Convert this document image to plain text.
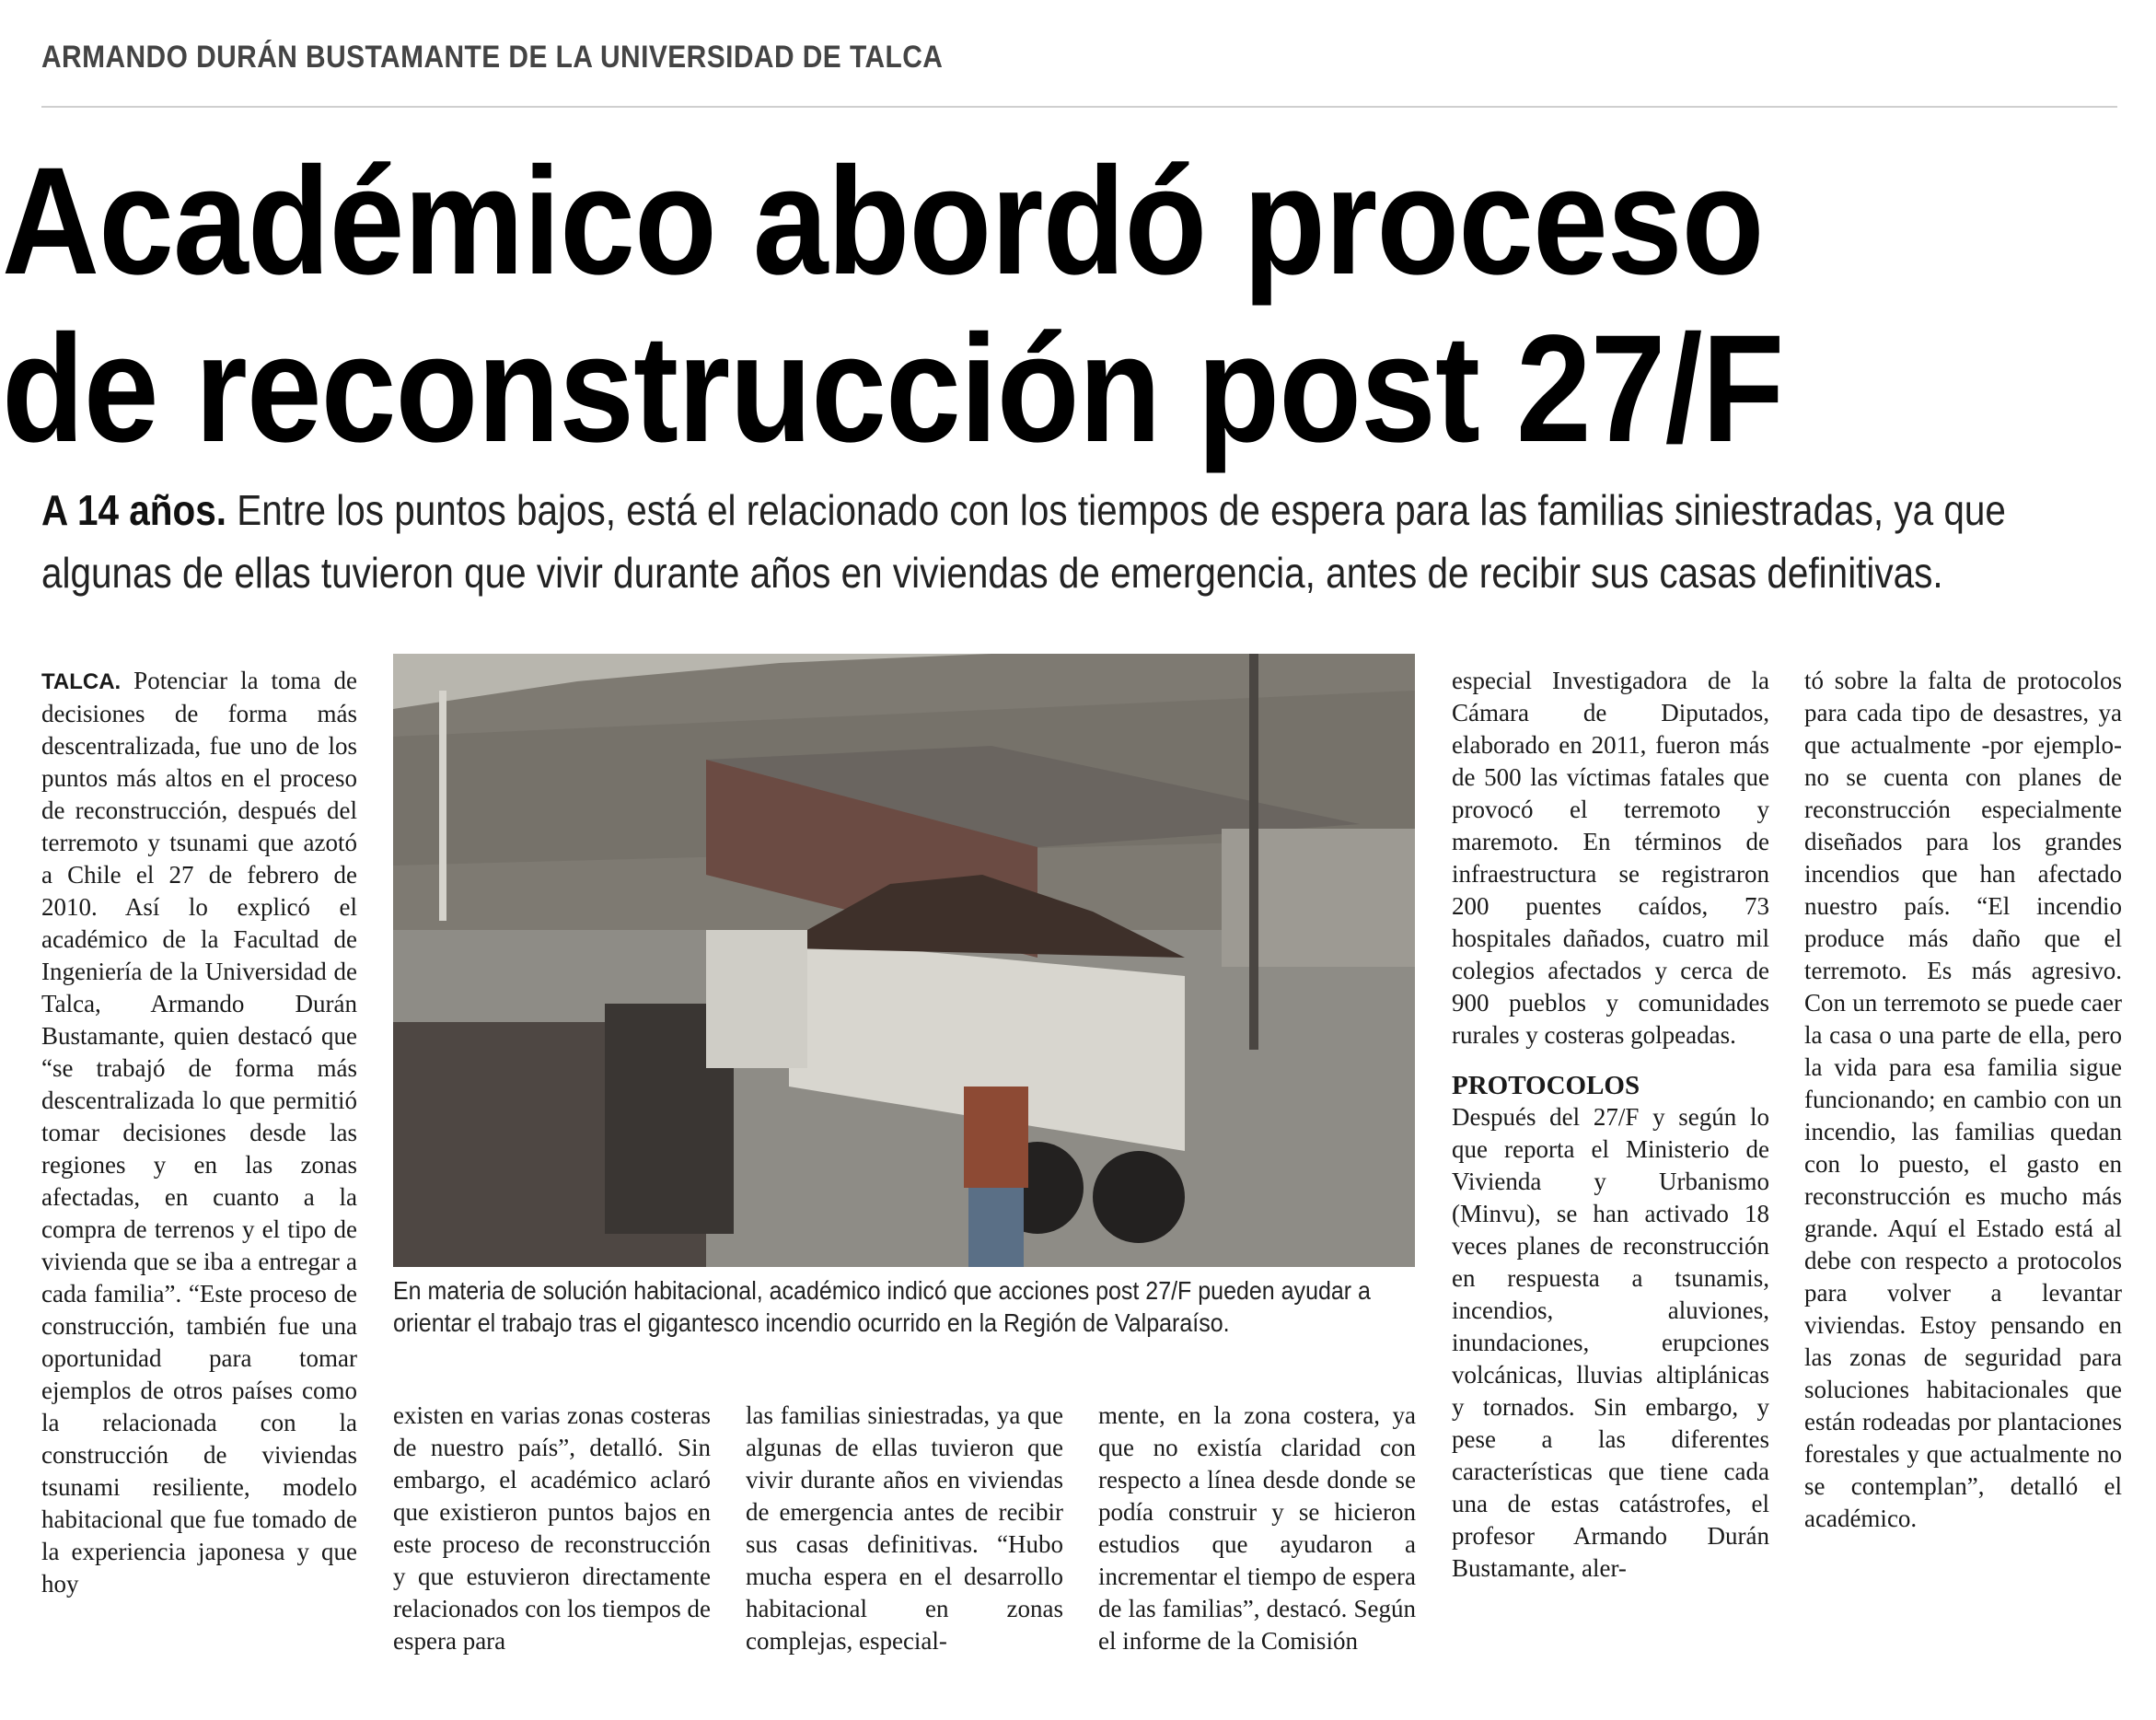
ARMANDO DURÁN BUSTAMANTE DE LA UNIVERSIDAD DE TALCA
Académico abordó proceso
de reconstrucción post 27/F
A 14 años. Entre los puntos bajos, está el relacionado con los tiempos de espera para las familias siniestradas, ya que algunas de ellas tuvieron que vivir durante años en viviendas de emergencia, antes de recibir sus casas definitivas.

TALCA. Potenciar la toma de decisiones de forma más descentralizada, fue uno de los puntos más altos en el proceso de reconstrucción, después del terremoto y tsunami que azotó a Chile el 27 de febrero de 2010. Así lo explicó el académico de la Facultad de Ingeniería de la Universidad de Talca, Armando Durán Bustamante, quien destacó que “se trabajó de forma más descentralizada lo que permitió tomar decisiones desde las regiones y en las zonas afectadas, en cuanto a la compra de terrenos y el tipo de vivienda que se iba a entregar a cada familia”. “Este proceso de construcción, también fue una oportunidad para tomar ejemplos de otros países como la relacionada con la construcción de viviendas tsunami resiliente, modelo habitacional que fue tomado de la experiencia japonesa y que hoy

En materia de solución habitacional, académico indicó que acciones post 27/F pueden ayudar a orientar el trabajo tras el gigantesco incendio ocurrido en la Región de Valparaíso.

existen en varias zonas costeras de nuestro país”, detalló. Sin embargo, el académico aclaró que existieron puntos bajos en este proceso de reconstrucción y que estuvieron directamente relacionados con los tiempos de espera para

las familias siniestradas, ya que algunas de ellas tuvieron que vivir durante años en viviendas de emergencia antes de recibir sus casas definitivas. “Hubo mucha espera en el desarrollo habitacional en zonas complejas, especial-

mente, en la zona costera, ya que no existía claridad con respecto a línea desde donde se podía construir y se hicieron estudios que ayudaron a incrementar el tiempo de espera de las familias”, destacó. Según el informe de la Comisión

especial Investigadora de la Cámara de Diputados, elaborado en 2011, fueron más de 500 las víctimas fatales que provocó el terremoto y maremoto. En términos de infraestructura se registraron 200 puentes caídos, 73 hospitales dañados, cuatro mil colegios afectados y cerca de 900 pueblos y comunidades rurales y costeras golpeadas.

PROTOCOLOS

Después del 27/F y según lo que reporta el Ministerio de Vivienda y Urbanismo (Minvu), se han activado 18 veces planes de reconstrucción en respuesta a tsunamis, incendios, aluviones, inundaciones, erupciones volcánicas, lluvias altiplánicas y tornados. Sin embargo, y pese a las diferentes características que tiene cada una de estas catástrofes, el profesor Armando Durán Bustamante, aler-

tó sobre la falta de protocolos para cada tipo de desastres, ya que actualmente -por ejemplo- no se cuenta con planes de reconstrucción especialmente diseñados para los grandes incendios que han afectado nuestro país. “El incendio produce más daño que el terremoto. Es más agresivo. Con un terremoto se puede caer la casa o una parte de ella, pero la vida para esa familia sigue funcionando; en cambio con un incendio, las familias quedan con lo puesto, el gasto en reconstrucción es mucho más grande. Aquí el Estado está al debe con respecto a protocolos para volver a levantar viviendas. Estoy pensando en las zonas de seguridad para soluciones habitacionales que están rodeadas por plantaciones forestales y que actualmente no se contemplan”, detalló el académico.
